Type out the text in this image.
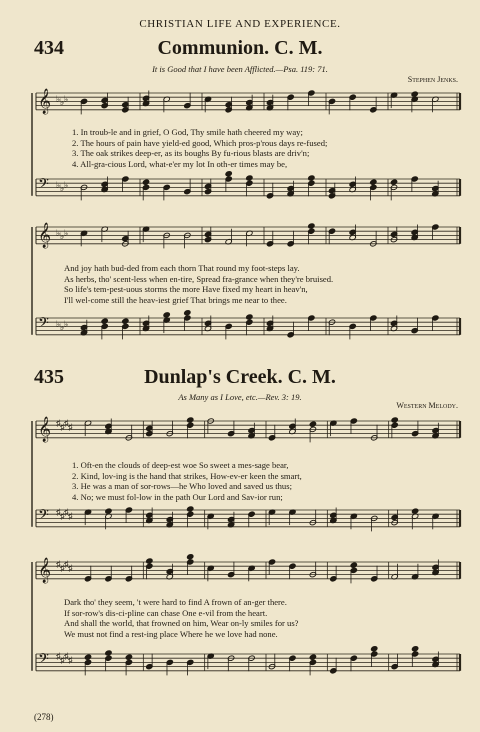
CHRISTIAN LIFE AND EXPERIENCE.
434	Communion. C. M.
It is Good that I have been Afflicted.—Psa. 119: 71.
Stephen Jenks.
435	Dunlap's Creek. C. M.
As Many as I Love, etc.—Rev. 3: 19.
Western Melody.
𝄞 ♭ ♭ ♭
𝄢 ♭ ♭ ♭
𝄞 ♭ ♭ ♭
𝄢 ♭ ♭ ♭
𝄞 ♯ ♯ ♯ ♯
𝄢 ♯ ♯ ♯ ♯
𝄞 ♯ ♯ ♯ ♯
𝄢 ♯ ♯ ♯ ♯
1. In troub-le and in grief, O God, Thy smile hath cheered my way;
2. The hours of pain have yield-ed good, Which pros-p'rous days re-fused;
3. The oak strikes deep-er, as its boughs By fu-rious blasts are driv'n;
4. All-gra-cious Lord, what-e'er my lot In oth-er times may be,
And joy hath bud-ded from each thorn That round my foot-steps lay.
As herbs, tho' scent-less when en-tire, Spread fra-grance when they're bruised.
So life's tem-pest-uous storms the more Have fixed my heart in heav'n,
I'll wel-come still the heav-iest grief That brings me near to thee.
1. Oft-en the clouds of deep-est woe So sweet a mes-sage bear,
2. Kind, lov-ing is the hand that strikes, How-ev-er keen the smart,
3. He was a man of sor-rows—he Who loved and saved us thus;
4. No; we must fol-low in the path Our Lord and Sav-ior run;
Dark tho' they seem, 't were hard to find A frown of an-ger there.
If sor-row's dis-ci-pline can chase One e-vil from the heart.
And shall the world, that frowned on him, Wear on-ly smiles for us?
We must not find a rest-ing place Where he we love had none.
(278)
